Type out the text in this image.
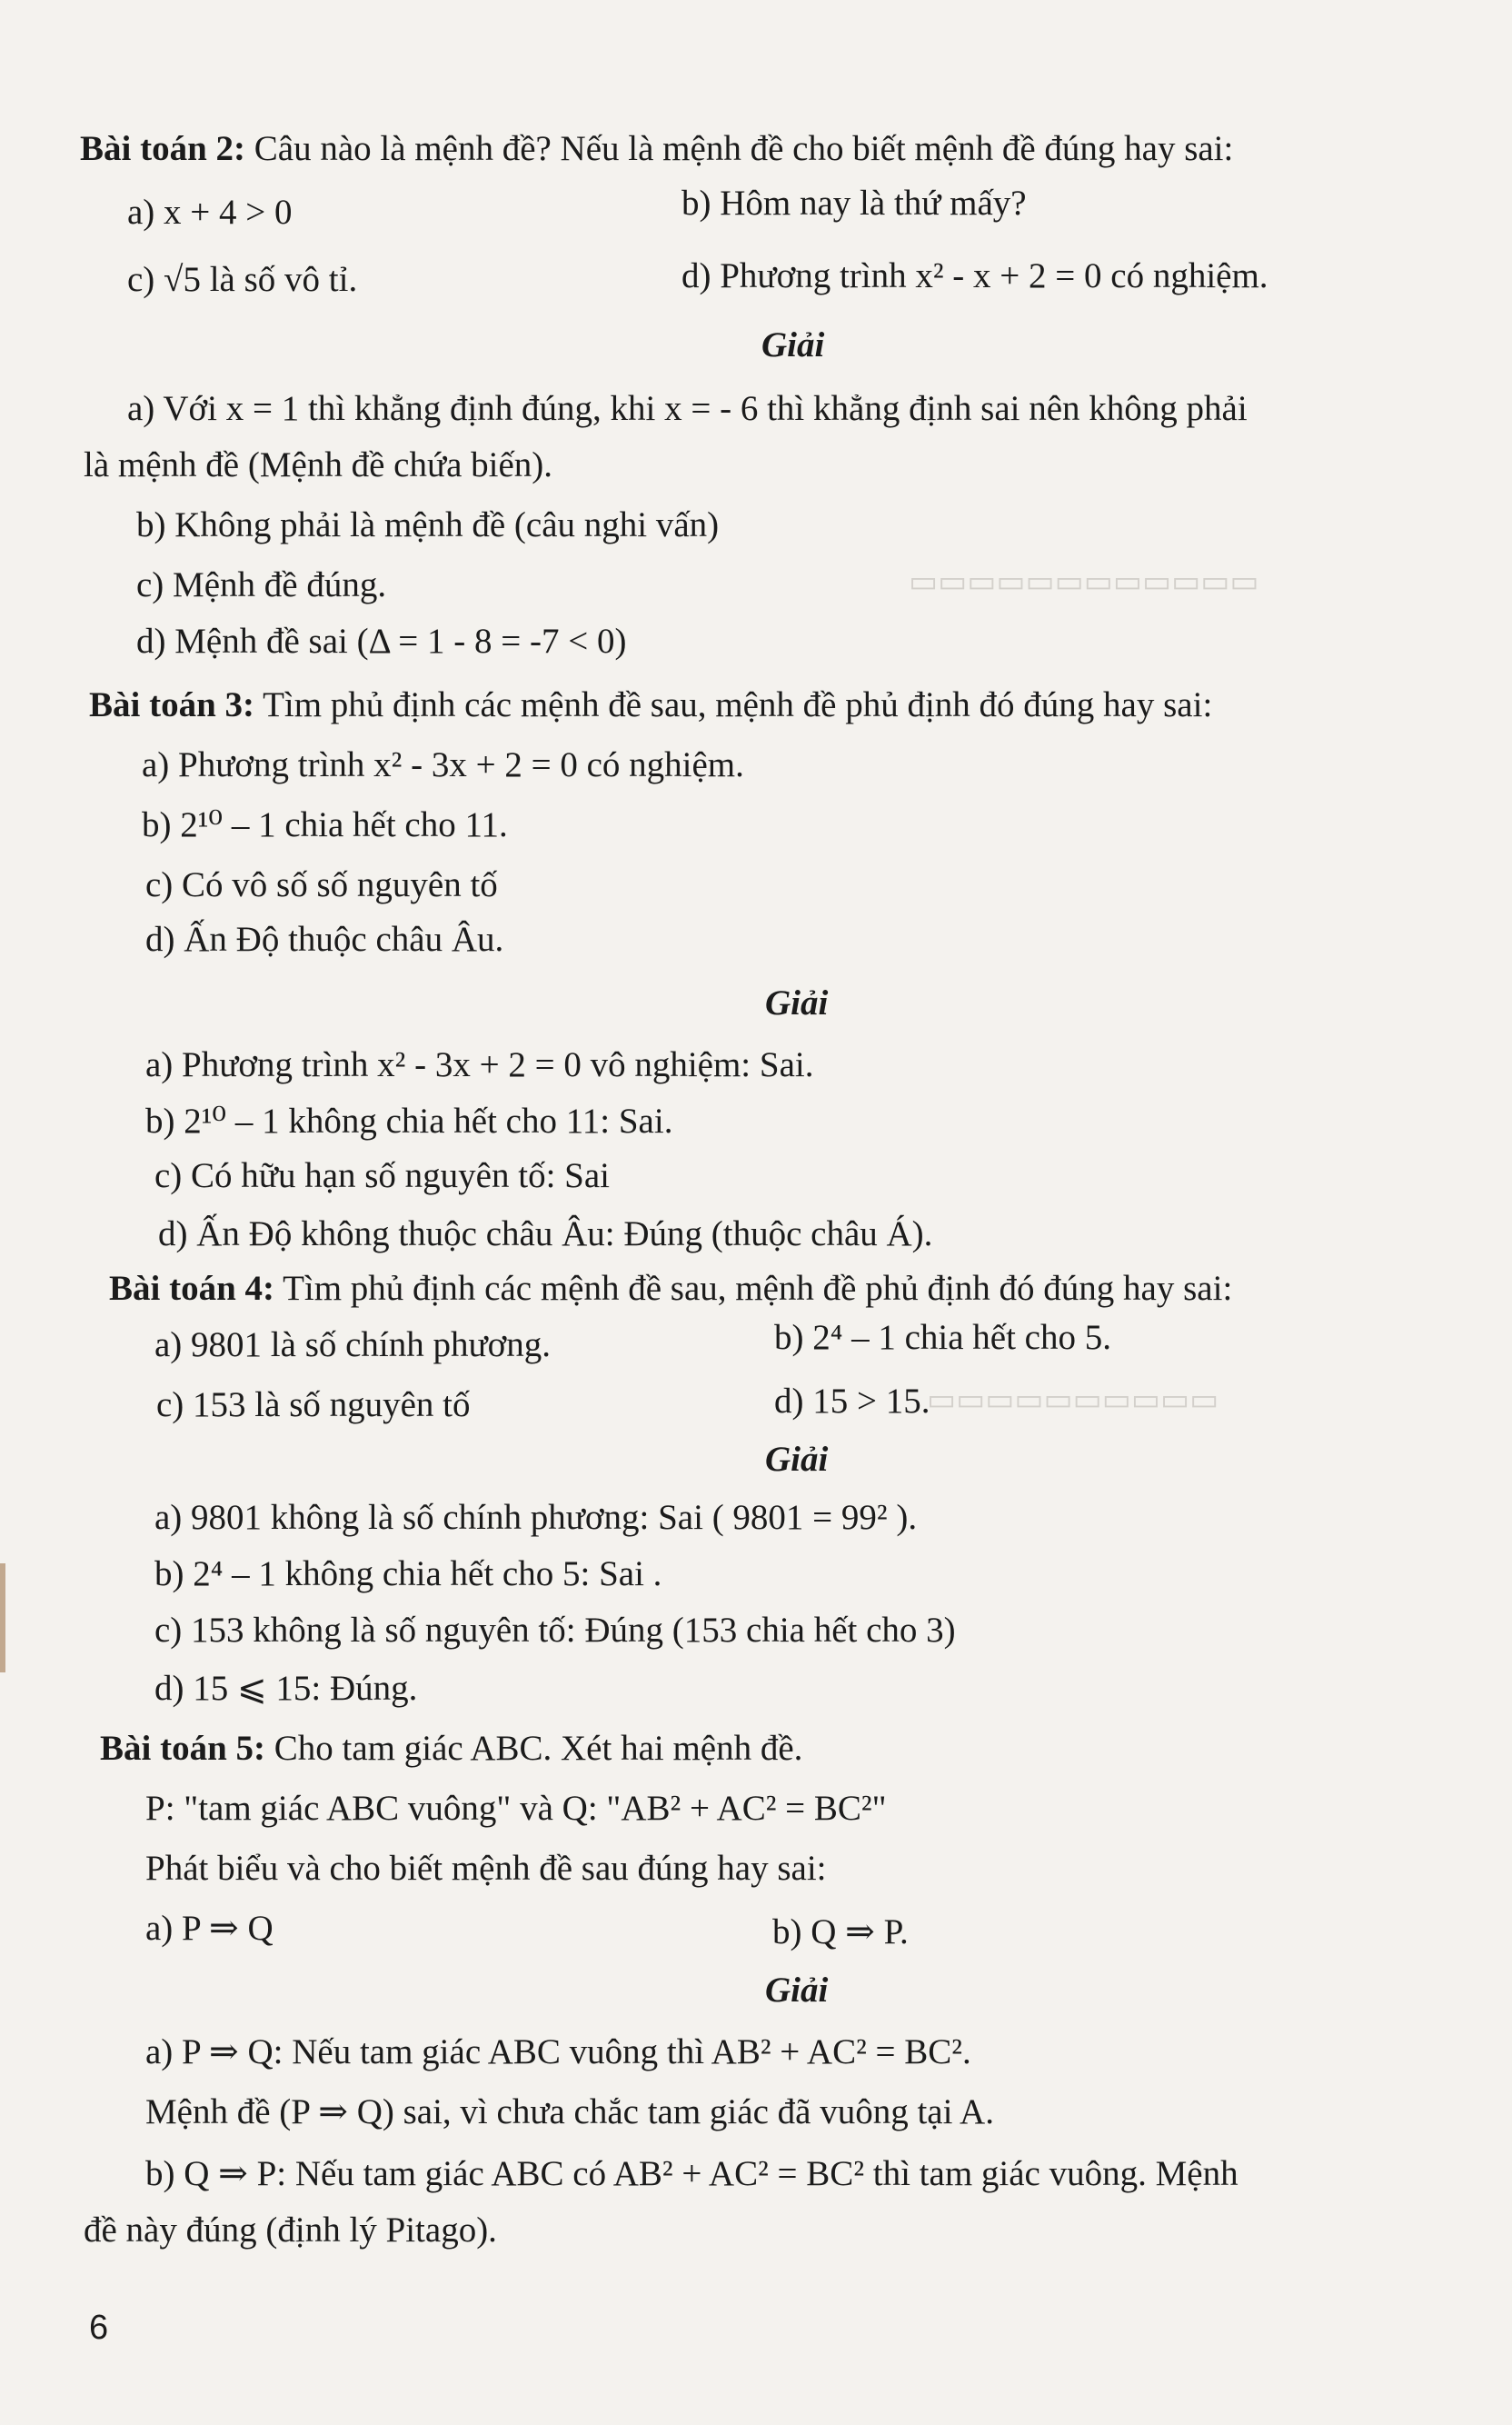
▭▭▭▭▭▭▭▭▭▭▭▭
▭▭▭▭▭▭▭▭▭▭
Bài toán 2: Câu nào là mệnh đề? Nếu là mệnh đề cho biết mệnh đề đúng hay sai:
a) x + 4 > 0	b) Hôm nay là thứ mấy?
c) √5 là số vô tỉ.	d) Phương trình x² - x + 2 = 0 có nghiệm.
Giải
a) Với x = 1 thì khẳng định đúng, khi x = - 6 thì khẳng định sai nên không phải
là mệnh đề (Mệnh đề chứa biến).
b) Không phải là mệnh đề (câu nghi vấn)
c) Mệnh đề đúng.
d) Mệnh đề sai (Δ = 1 - 8 = -7 < 0)
Bài toán 3: Tìm phủ định các mệnh đề sau, mệnh đề phủ định đó đúng hay sai:
a) Phương trình x² - 3x + 2 = 0 có nghiệm.
b) 2¹⁰ – 1 chia hết cho 11.
c) Có vô số số nguyên tố
d) Ấn Độ thuộc châu Âu.
Giải
a) Phương trình x² - 3x + 2 = 0 vô nghiệm: Sai.
b) 2¹⁰ – 1 không chia hết cho 11: Sai.
c) Có hữu hạn số nguyên tố: Sai
d) Ấn Độ không thuộc châu Âu: Đúng (thuộc châu Á).
Bài toán 4: Tìm phủ định các mệnh đề sau, mệnh đề phủ định đó đúng hay sai:
a) 9801 là số chính phương.	b) 2⁴ – 1 chia hết cho 5.
c) 153 là số nguyên tố	d) 15 > 15.
Giải
a) 9801 không là số chính phương: Sai ( 9801 = 99² ).
b) 2⁴ – 1 không chia hết cho 5: Sai .
c) 153 không là số nguyên tố: Đúng (153 chia hết cho 3)
d) 15 ⩽ 15: Đúng.
Bài toán 5: Cho tam giác ABC. Xét hai mệnh đề.
P: "tam giác ABC vuông" và Q: "AB² + AC² = BC²"
Phát biểu và cho biết mệnh đề sau đúng hay sai:
a) P ⇒ Q	b) Q ⇒ P.
Giải
a) P ⇒ Q: Nếu tam giác ABC vuông thì AB² + AC² = BC².
Mệnh đề (P ⇒ Q) sai, vì chưa chắc tam giác đã vuông tại A.
b) Q ⇒ P: Nếu tam giác ABC có AB² + AC² = BC² thì tam giác vuông. Mệnh
đề này đúng (định lý Pitago).
6
